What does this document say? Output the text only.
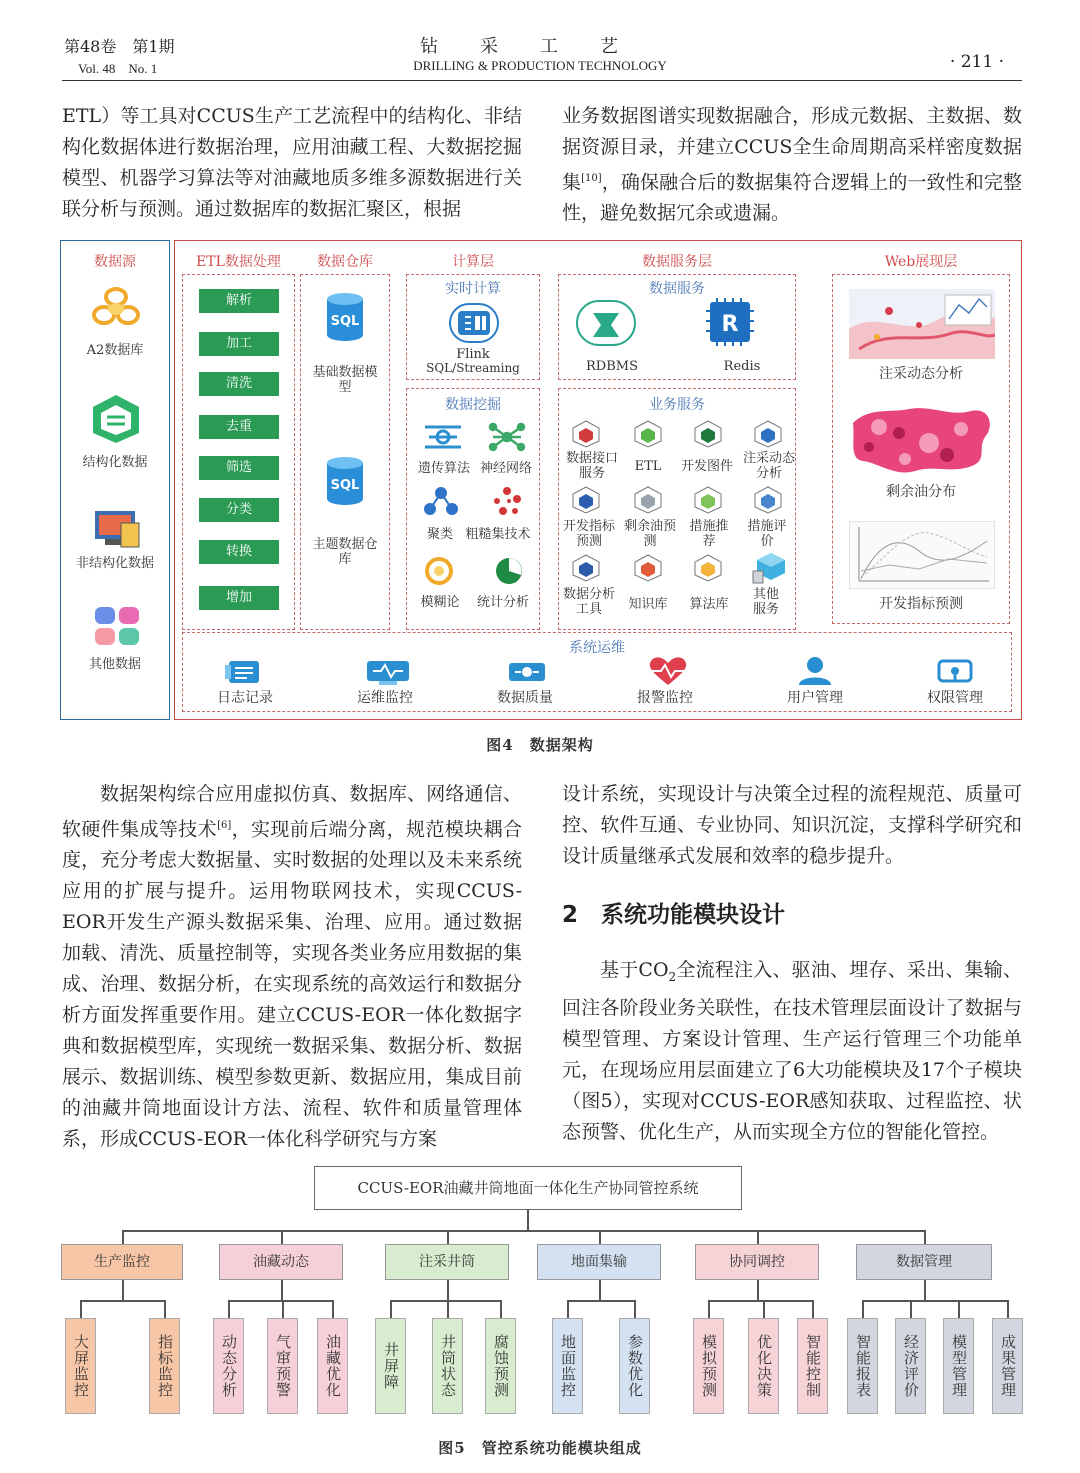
第48卷　第1期
Vol. 48　No. 1
钻采工艺
DRILLING & PRODUCTION TECHNOLOGY	· 211 ·

ETL）等工具对CCUS生产工艺流程中的结构化、非结构化数据体进行数据治理，应用油藏工程、大数据挖掘模型、机器学习算法等对油藏地质多维多源数据进行关联分析与预测。通过数据库的数据汇聚区，根据

业务数据图谱实现数据融合，形成元数据、主数据、数据资源目录，并建立CCUS全生命周期高采样密度数据集[10]，确保融合后的数据集符合逻辑上的一致性和完整性，避免数据冗余或遗漏。

数据源
A2数据库
结构化数据
非结构化数据
其他数据
解析
加工
清洗
去重
筛选
分类
转换
增加
ETL数据处理
SQL
基础数据模型
SQL
主题数据仓库
数据仓库	计算层
实时计算
Flink
SQL/Streaming
数据挖掘
遗传算法 神经网络
聚类 粗糙集技术
模糊论	统计分析
数据服务层
数据服务
R
RDBMS	Redis
业务服务
数据接口服务	ETL	开发图件
注采动态分析
开发指标预测
剩余油预测
措施推荐
措施评价
数据分析工具	知识库	算法库
其他服务
Web展现层
注采动态分析
剩余油分布
开发指标预测
系统运维
日志记录	运维监控	数据质量	报警监控	用户管理	权限管理
图4　数据架构

数据架构综合应用虚拟仿真、数据库、网络通信、软硬件集成等技术[6]，实现前后端分离，规范模块耦合度，充分考虑大数据量、实时数据的处理以及未来系统应用的扩展与提升。运用物联网技术，实现CCUS-EOR开发生产源头数据采集、治理、应用。通过数据加载、清洗、质量控制等，实现各类业务应用数据的集成、治理、数据分析，在实现系统的高效运行和数据分析方面发挥重要作用。建立CCUS-EOR一体化数据字典和数据模型库，实现统一数据采集、数据分析、数据展示、数据训练、模型参数更新、数据应用，集成目前的油藏井筒地面设计方法、流程、软件和质量管理体系，形成CCUS-EOR一体化科学研究与方案

设计系统，实现设计与决策全过程的流程规范、质量可控、软件互通、专业协同、知识沉淀，支撑科学研究和设计质量继承式发展和效率的稳步提升。

2　系统功能模块设计

基于$CO_2$全流程注入、驱油、埋存、采出、集输、回注各阶段业务关联性，在技术管理层面设计了数据与模型管理、方案设计管理、生产运行管理三个功能单元，在现场应用层面建立了6大功能模块及17个子模块（图5），实现对CCUS-EOR感知获取、过程监控、状态预警、优化生产，从而实现全方位的智能化管控。

CCUS-EOR油藏井筒地面一体化生产协同管控系统
生产监控
大屏监控	指标监控
油藏动态
动态分析	气窜预警	油藏优化
注采井筒
井屏障	井筒状态	腐蚀预测
地面集输
地面监控	参数优化
协同调控
模拟预测	优化决策	智能控制
数据管理
智能报表	经济评价	模型管理	成果管理
图5　管控系统功能模块组成
